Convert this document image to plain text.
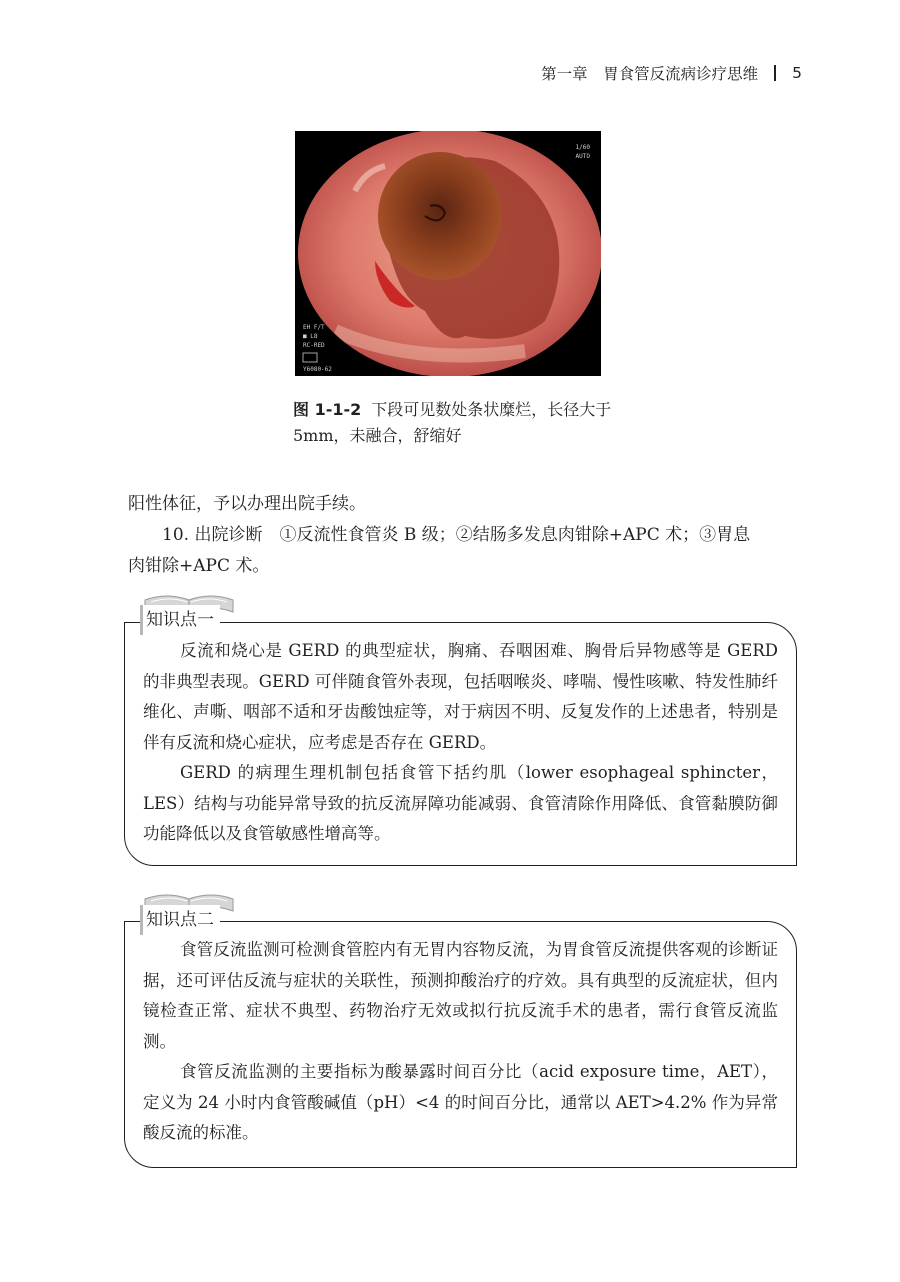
第一章　胃食管反流病诊疗思维 5
1/60
AUTO
EH F/T
■ L8
RC-RED
Y6080-62
图 1-1-2 下段可见数处条状糜烂，长径大于
5mm，未融合，舒缩好

阳性体征，予以办理出院手续。

10. 出院诊断　①反流性食管炎 B 级；②结肠多发息肉钳除+APC 术；③胃息

肉钳除+APC 术。

反流和烧心是 GERD 的典型症状，胸痛、吞咽困难、胸骨后异物感等是 GERD 的非典型表现。GERD 可伴随食管外表现，包括咽喉炎、哮喘、慢性咳嗽、特发性肺纤维化、声嘶、咽部不适和牙齿酸蚀症等，对于病因不明、反复发作的上述患者，特别是伴有反流和烧心症状，应考虑是否存在 GERD。

GERD 的病理生理机制包括食管下括约肌（lower esophageal sphincter，LES）结构与功能异常导致的抗反流屏障功能减弱、食管清除作用降低、食管黏膜防御功能降低以及食管敏感性增高等。

知识点一

食管反流监测可检测食管腔内有无胃内容物反流，为胃食管反流提供客观的诊断证据，还可评估反流与症状的关联性，预测抑酸治疗的疗效。具有典型的反流症状，但内镜检查正常、症状不典型、药物治疗无效或拟行抗反流手术的患者，需行食管反流监测。

食管反流监测的主要指标为酸暴露时间百分比（acid exposure time，AET），定义为 24 小时内食管酸碱值（pH）<4 的时间百分比，通常以 AET>4.2% 作为异常酸反流的标准。

知识点二
